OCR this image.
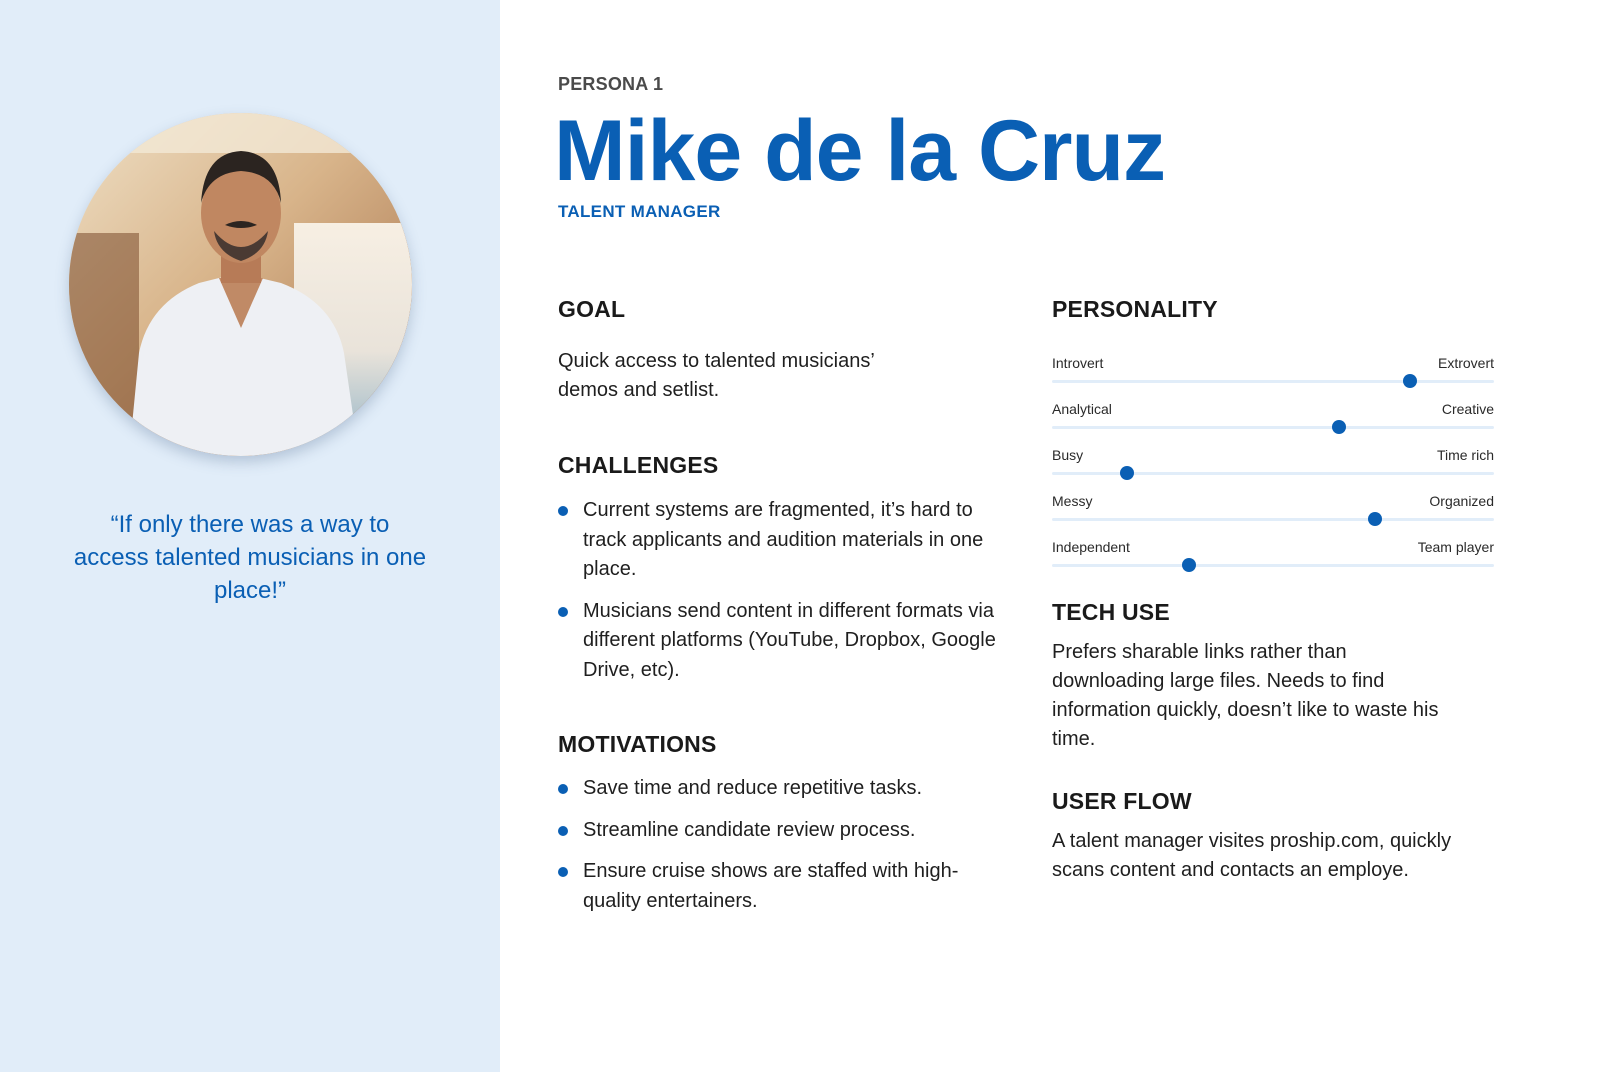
“If only there was a way to access talented musicians in one place!”

PERSONA 1
Mike de la Cruz
TALENT MANAGER
GOAL

Quick access to talented musicians’ demos and setlist.

CHALLENGES
Current systems are fragmented, it’s hard to track applicants and audition materials in one place.
Musicians send content in different formats via different platforms (YouTube, Dropbox, Google Drive, etc).
MOTIVATIONS
Save time and reduce repetitive tasks.
Streamline candidate review process.
Ensure cruise shows are staffed with high-quality entertainers.
PERSONALITY
Introvert	Extrovert
Analytical	Creative
Busy	Time rich
Messy	Organized
Independent	Team player
TECH USE

Prefers sharable links rather than downloading large files. Needs to find information quickly, doesn’t like to waste his time.

USER FLOW

A talent manager visites proship.com, quickly scans content and contacts an employe.
